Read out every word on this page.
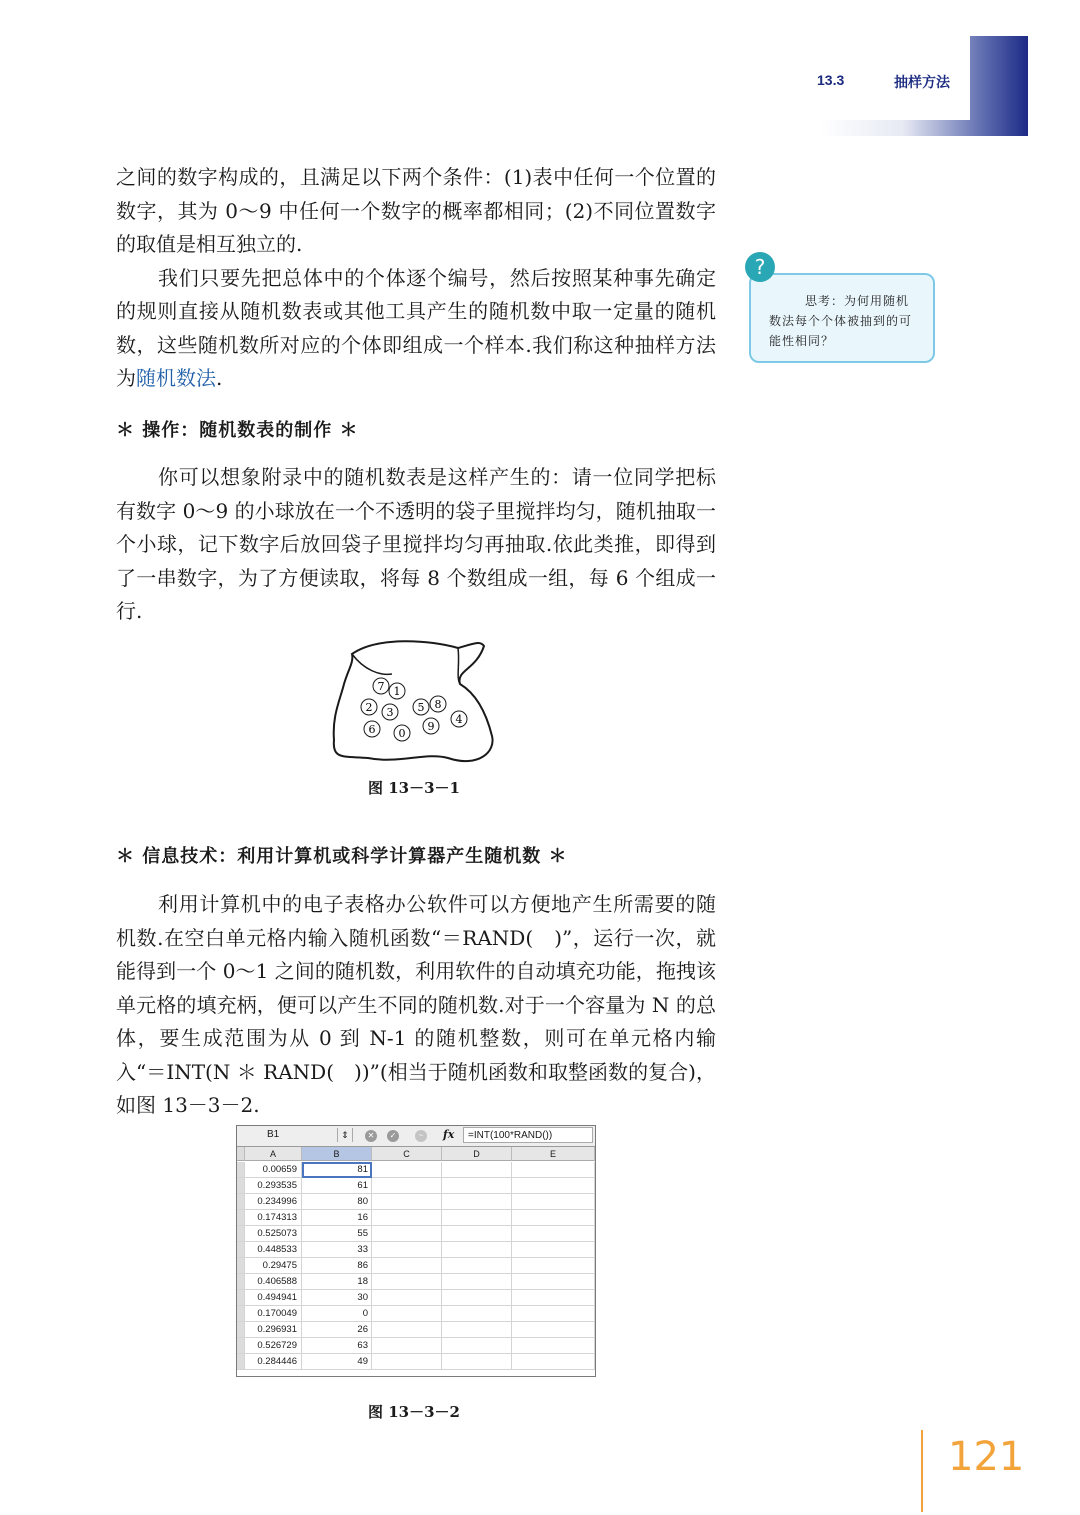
13.3	抽样方法

之间的数字构成的，且满足以下两个条件：(1)表中任何一个位置的数字，其为 0～9 中任何一个数字的概率都相同；(2)不同位置数字的取值是相互独立的.

我们只要先把总体中的个体逐个编号，然后按照某种事先确定的规则直接从随机数表或其他工具产生的随机数中取一定量的随机数，这些随机数所对应的个体即组成一个样本.我们称这种抽样方法为随机数法.

思考：为何用随机数法每个个体被抽到的可能性相同？
?
＊ 操作：随机数表的制作 ＊

你可以想象附录中的随机数表是这样产生的：请一位同学把标有数字 0～9 的小球放在一个不透明的袋子里搅拌均匀，随机抽取一个小球，记下数字后放回袋子里搅拌均匀再抽取.依此类推，即得到了一串数字，为了方便读取，将每 8 个数组成一组，每 6 个组成一行.

7 1
2 3 5 8
9
4
6 0
图 13－3－1
＊ 信息技术：利用计算机或科学计算器产生随机数 ＊

利用计算机中的电子表格办公软件可以方便地产生所需要的随机数.在空白单元格内输入随机函数“＝RAND(　)”，运行一次，就能得到一个 0～1 之间的随机数，利用软件的自动填充功能，拖拽该单元格的填充柄，便可以产生不同的随机数.对于一个容量为 N 的总体，要生成范围为从 0 到 N-1 的随机整数，则可在单元格内输入“＝INT(N ＊ RAND(　))”(相当于随机函数和取整函数的复合)，如图 13－3－2.

B1	⇕	✕	✓	~	fx	=INT(100*RAND())
A	B	C	D	E
0.00659	81
0.293535	61
0.234996	80
0.174313	16
0.525073	55
0.448533	33
0.29475	86
0.406588	18
0.494941	30
0.170049	0
0.296931	26
0.526729	63
0.284446	49
图 13－3－2
121
